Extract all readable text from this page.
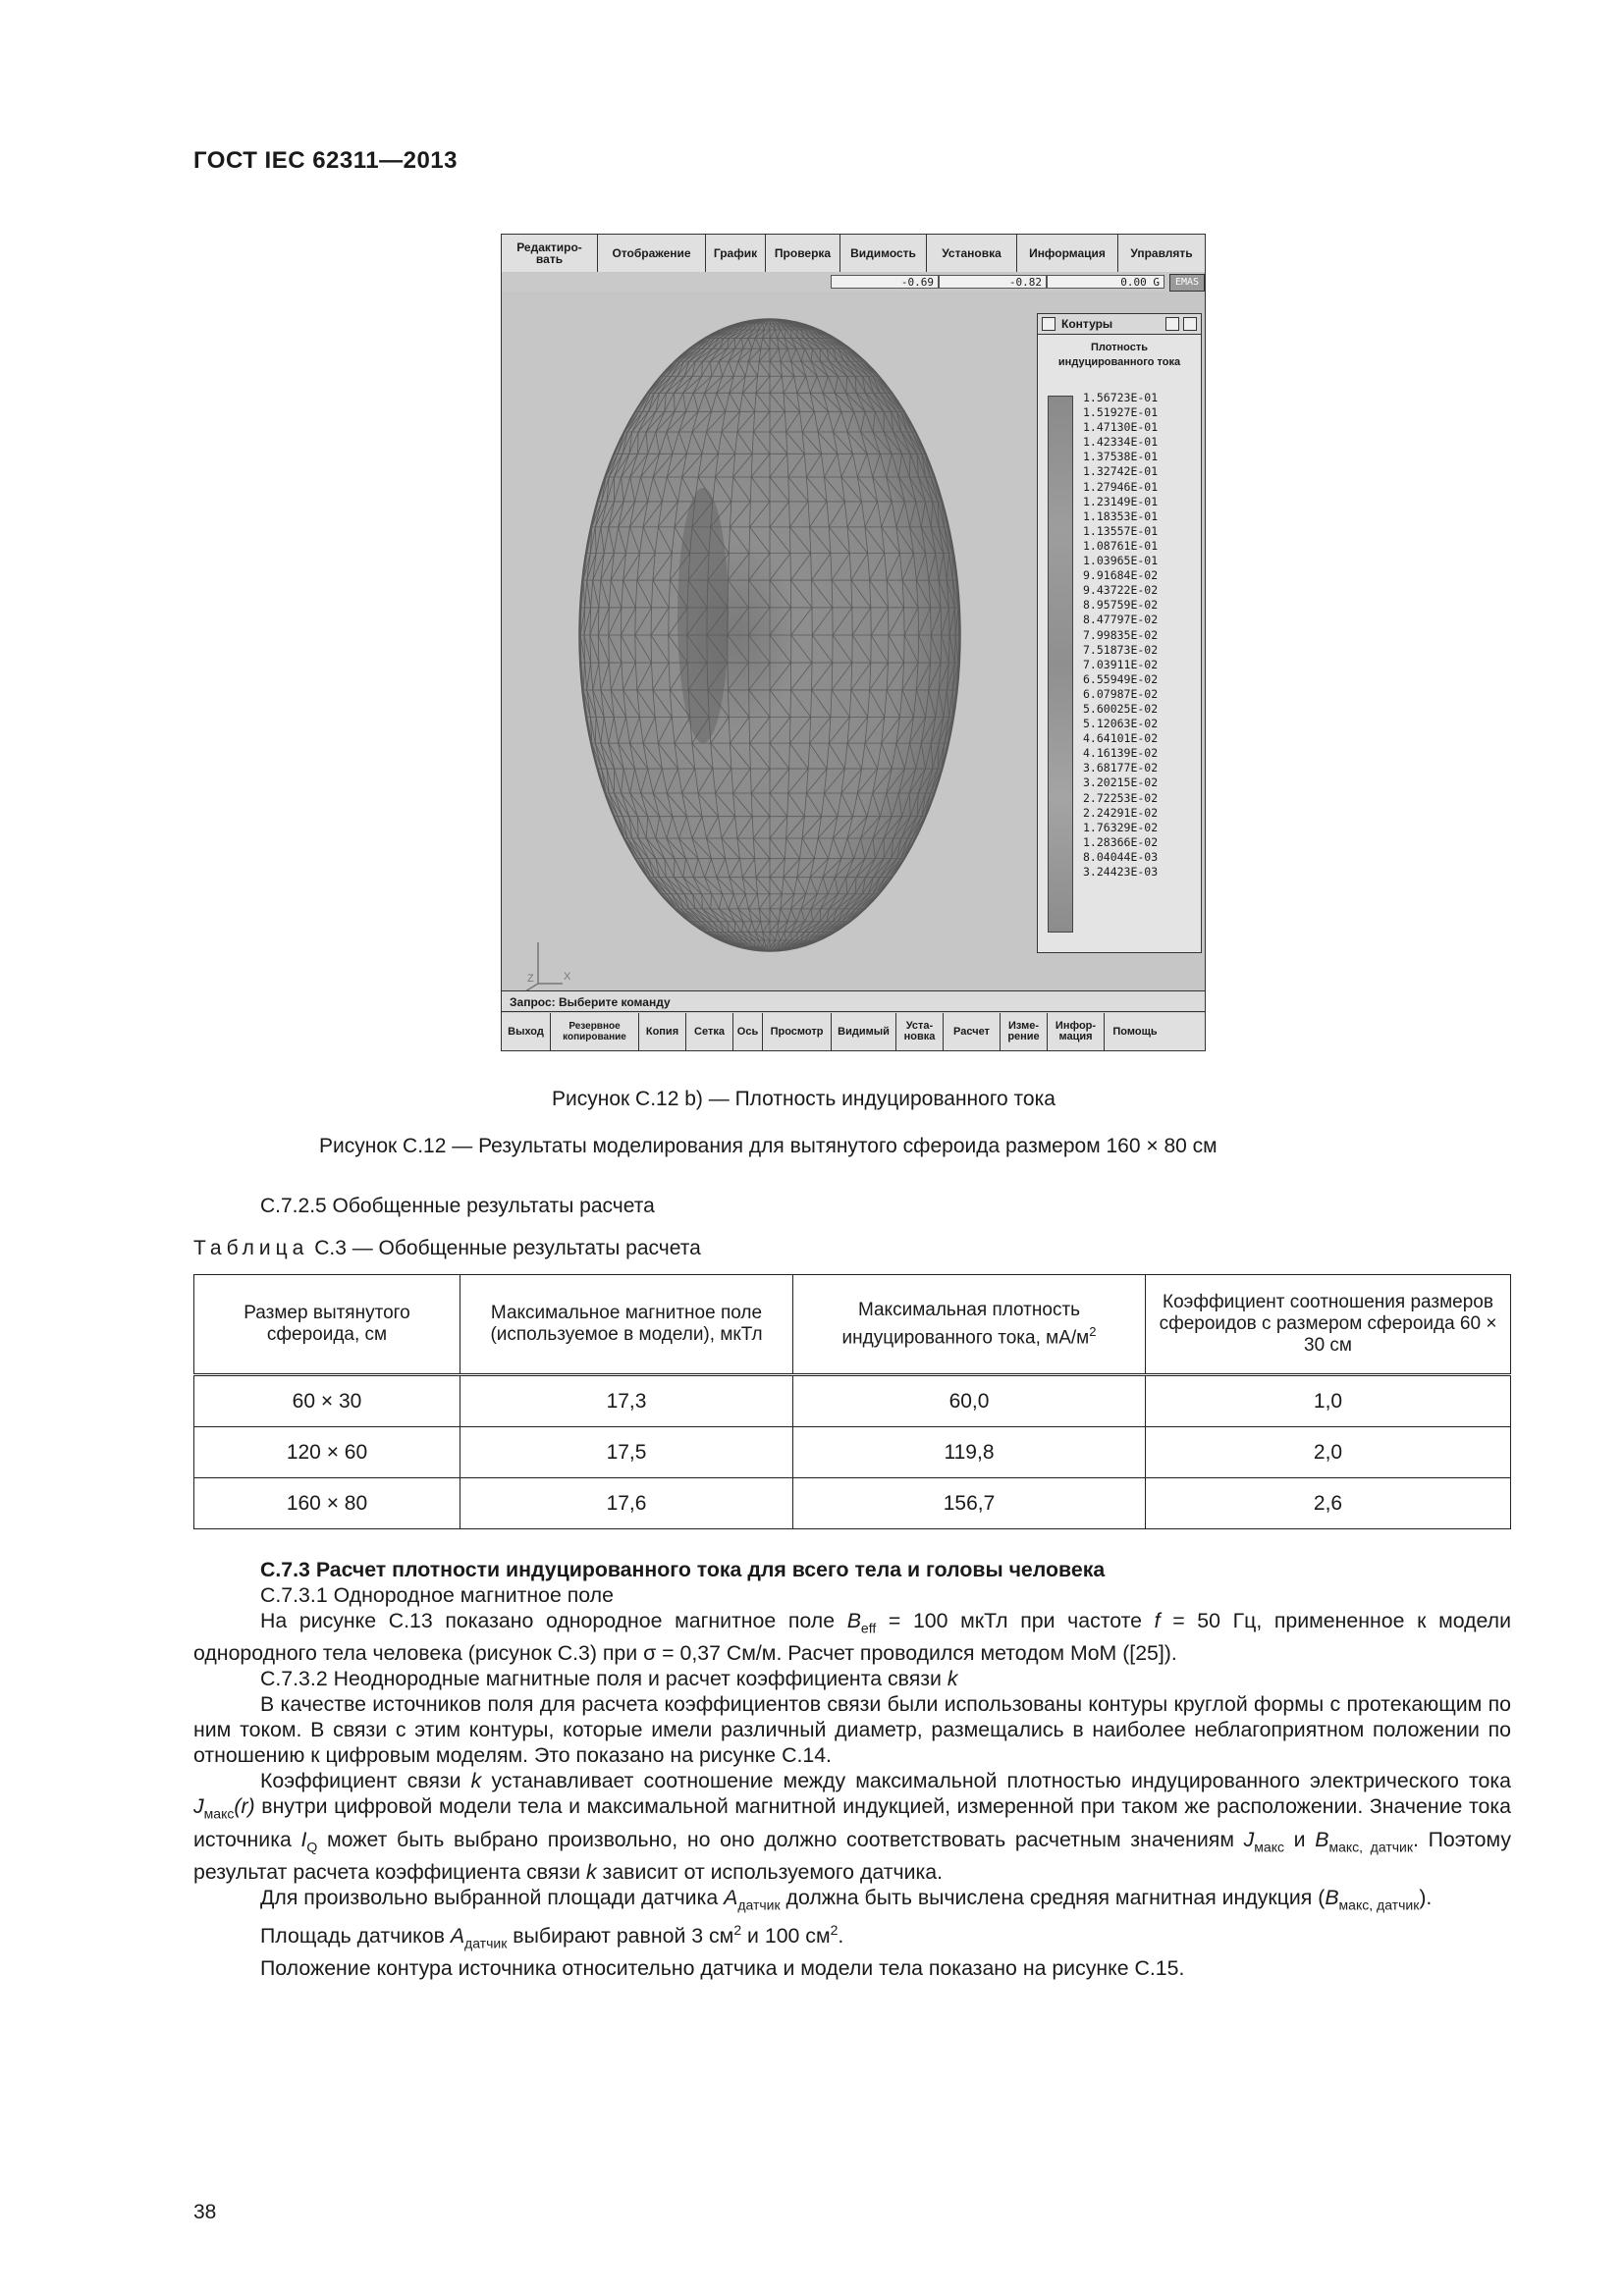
ГОСТ IEC 62311—2013
Редактиро- вать	Отображение	График	Проверка	Видимость	Установка	Информация	Управлять
-0.69	-0.82	0.00 G	EMAS
Z	X
Контуры
Плотность индуцированного тока
1.56723E-01
1.51927E-01
1.47130E-01
1.42334E-01
1.37538E-01
1.32742E-01
1.27946E-01
1.23149E-01
1.18353E-01
1.13557E-01
1.08761E-01
1.03965E-01
9.91684E-02
9.43722E-02
8.95759E-02
8.47797E-02
7.99835E-02
7.51873E-02
7.03911E-02
6.55949E-02
6.07987E-02
5.60025E-02
5.12063E-02
4.64101E-02
4.16139E-02
3.68177E-02
3.20215E-02
2.72253E-02
2.24291E-02
1.76329E-02
1.28366E-02
8.04044E-03
3.24423E-03
Запрос: Выберите команду
Выход	Резервное копирование	Копия	Сетка	Ось	Просмотр	Видимый	Уста- новка	Расчет	Изме- рение
Инфор- мация	Помощь
Рисунок С.12 b) — Плотность индуцированного тока
Рисунок С.12 — Результаты моделирования для вытянутого сфероида размером 160 × 80 см
С.7.2.5 Обобщенные результаты расчета
Таблица С.3 — Обобщенные результаты расчета
Размер вытянутого сфероида, см	Максимальное магнитное поле (используемое в модели), мкТл	Максимальная плотность индуцированного тока, $мА/м^2$	Коэффициент соотношения размеров сфероидов с размером сфероида 60 × 30 см
60 × 30	17,3	60,0	1,0
120 × 60	17,5	119,8	2,0
160 × 80	17,6	156,7	2,6

С.7.3 Расчет плотности индуцированного тока для всего тела и головы человека

С.7.3.1 Однородное магнитное поле

На рисунке С.13 показано однородное магнитное поле $B_{eff} = 100$ мкТл при частоте f = 50 Гц, примененное к модели однородного тела человека (рисунок С.3) при σ = 0,37 См/м. Расчет проводился методом MoM ([25]).

С.7.3.2 Неоднородные магнитные поля и расчет коэффициента связи k

В качестве источников поля для расчета коэффициентов связи были использованы контуры круглой формы с протекающим по ним током. В связи с этим контуры, которые имели различный диаметр, размещались в наиболее неблагоприятном положении по отношению к цифровым моделям. Это показано на рисунке С.14.

Коэффициент связи k устанавливает соотношение между максимальной плотностью индуцированного электрического тока $J_{макс}(r)$ внутри цифровой модели тела и максимальной магнитной индукцией, измеренной при таком же расположении. Значение тока источника $I_Q$ может быть выбрано произвольно, но оно должно соответствовать расчетным значениям $J_{макс}$ и $B_{макс, датчик}$. Поэтому результат расчета коэффициента связи k зависит от используемого датчика.

Для произвольно выбранной площади датчика $A_{датчик}$ должна быть вычислена средняя магнитная индукция $(B_{макс, датчик})$.

Площадь датчиков $A_{датчик}$ выбирают равной 3 $см^2$ и 100 $см^2$.

Положение контура источника относительно датчика и модели тела показано на рисунке С.15.

38
